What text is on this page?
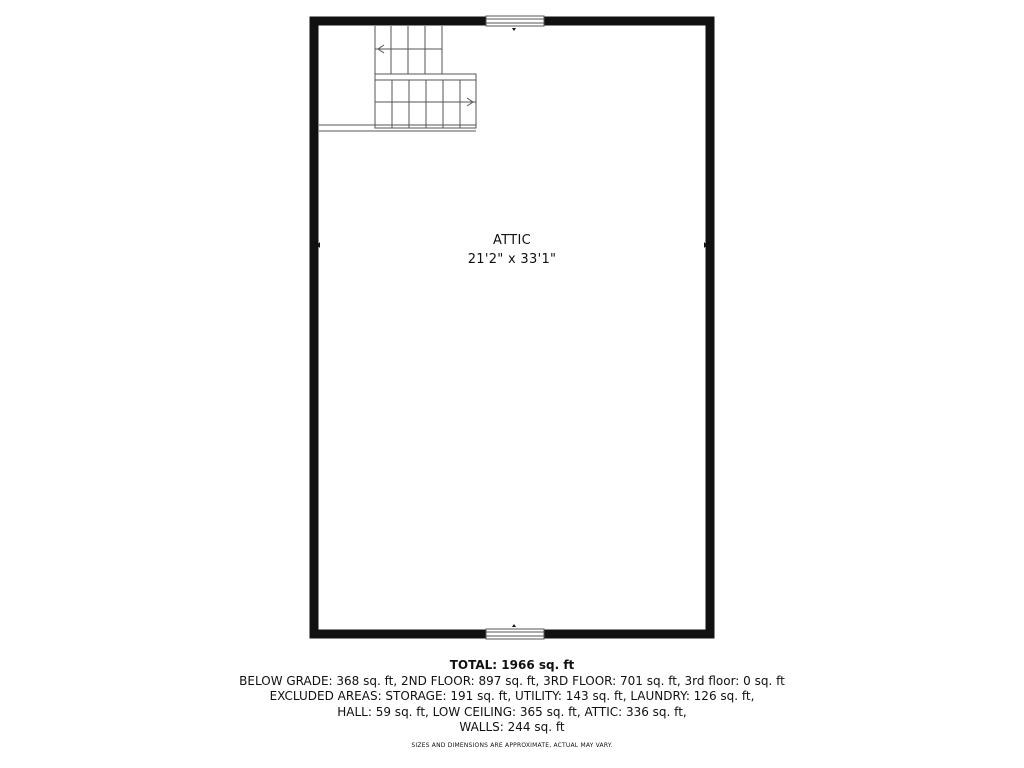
ATTIC
21'2" x 33'1"
TOTAL: 1966 sq. ft
BELOW GRADE: 368 sq. ft, 2ND FLOOR: 897 sq. ft, 3RD FLOOR: 701 sq. ft, 3rd floor: 0 sq. ft
EXCLUDED AREAS: STORAGE: 191 sq. ft, UTILITY: 143 sq. ft, LAUNDRY: 126 sq. ft,
HALL: 59 sq. ft, LOW CEILING: 365 sq. ft, ATTIC: 336 sq. ft,
WALLS: 244 sq. ft
SIZES AND DIMENSIONS ARE APPROXIMATE, ACTUAL MAY VARY.
